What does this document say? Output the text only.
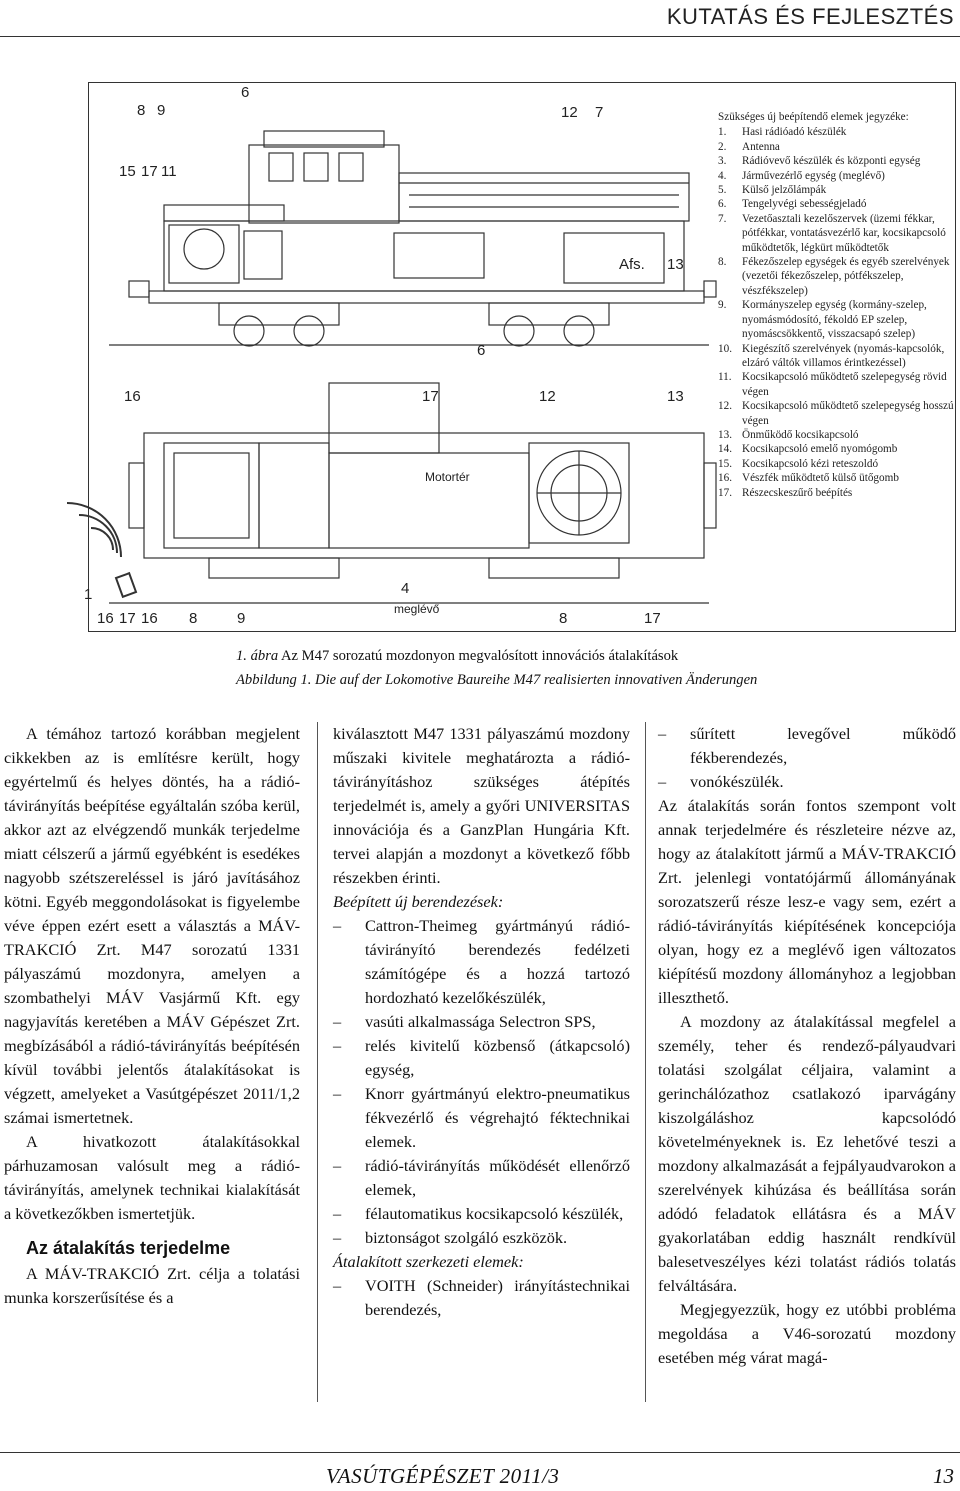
KUTATÁS ÉS FEJLESZTÉS
8 9
6
15 17 11
12 7
13
Afs.
6
16	17	12	13
Motortér
1
16 17 16 8	9
4
meglévő
8	17
Szükséges új beépítendő elemek jegyzéke:
1. Hasi rádióadó készülék
2. Antenna
3. Rádióvevő készülék és központi egység
4. Járművezérlő egység (meglévő)
5. Külső jelzőlámpák
6. Tengelyvégi sebességjeladó
7. Vezetőasztali kezelőszervek (üzemi fékkar, pótfékkar, vontatásvezérlő kar, kocsikapcsoló működtetők, légkürt működtetők
8. Fékezőszelep egységek és egyéb szerelvények (vezetői fékezőszelep, pótfékszelep, vészfékszelep)
9. Kormányszelep egység (kormány-szelep, nyomásmódosító, fékoldó EP szelep, nyomáscsökkentő, visszacsapó szelep)
10. Kiegészítő szerelvények (nyomás-kapcsolók, elzáró váltók villamos érintkezéssel)
11. Kocsikapcsoló működtető szelepegység rövid végen
12. Kocsikapcsoló működtető szelepegység hosszú végen
13. Önműködő kocsikapcsoló
14. Kocsikapcsoló emelő nyomógomb
15. Kocsikapcsoló kézi reteszoldó
16. Vészfék működtető külső ütőgomb
17. Részecskeszűrő beépítés
1. ábra Az M47 sorozatú mozdonyon megvalósított innovációs átalakítások
Abbildung 1. Die auf der Lokomotive Baureihe M47 realisierten innovativen Änderungen

A témához tartozó korábban megjelent cikkekben az is említésre került, hogy egyértelmű és helyes döntés, ha a rádió-távirányítás beépítése egyáltalán szóba kerül, akkor azt az elvégzendő munkák terjedelme miatt célszerű a jármű egyébként is esedékes nagyobb szétszereléssel is járó javításához kötni. Egyéb meggondolásokat is figyelembe véve éppen ezért esett a választás a MÁV-TRAKCIÓ Zrt. M47 sorozatú 1331 pályaszámú mozdonyra, amelyen a szombathelyi MÁV Vasjármű Kft. egy nagyjavítás keretében a MÁV Gépészet Zrt. megbízásából a rádió-távirányítás beépítésén kívül további jelentős átalakításokat is végzett, amelyeket a Vasútgépészet 2011/1,2 számai ismertetnek.

A hivatkozott átalakításokkal párhuzamosan valósult meg a rádió-távirányítás, amelynek technikai kialakítását a következőkben ismertetjük.

Az átalakítás terjedelme

A MÁV-TRAKCIÓ Zrt. célja a tolatási munka korszerűsítése és a

kiválasztott M47 1331 pályaszámú mozdony műszaki kivitele meghatározta a rádió-távirányításhoz szükséges átépítés terjedelmét is, amely a győri UNIVERSITAS innovációja és a GanzPlan Hungária Kft. tervei alapján a mozdonyt a következő főbb részekben érinti.

Beépített új berendezések:

– Cattron-Theimeg gyártmányú rádió-távirányító berendezés fedélzeti számítógépe és a hozzá tartozó hordozható kezelőkészülék,
– vasúti alkalmassága Selectron SPS,
– relés kivitelű közbenső (átkapcsoló) egység,
– Knorr gyártmányú elektro-pneumatikus fékvezérlő és végrehajtó féktechnikai elemek.
– rádió-távirányítás működését ellenőrző elemek,
– félautomatikus kocsikapcsoló készülék,
– biztonságot szolgáló eszközök.

Átalakított szerkezeti elemek:

– VOITH (Schneider) irányítástechnikai berendezés,
– sűrített levegővel működő fékberendezés,
– vonókészülék.

Az átalakítás során fontos szempont volt annak terjedelmére és részleteire nézve az, hogy az átalakított jármű a MÁV-TRAKCIÓ Zrt. jelenlegi vontatójármű állományának sorozatszerű része lesz-e vagy sem, ezért a rádió-távirányítás kiépítésének koncepciója olyan, hogy ez a meglévő igen változatos kiépítésű mozdony állományhoz a legjobban illeszthető.

A mozdony az átalakítással megfelel a személy, teher és rendező-pályaudvari tolatási szolgálat céljaira, valamint a gerinchálózathoz csatlakozó iparvágány kiszolgáláshoz kapcsolódó követelményeknek is. Ez lehetővé teszi a mozdony alkalmazását a fejpályaudvarokon a szerelvények kihúzása és beállítása során adódó feladatok ellátásra és a MÁV gyakorlatában eddig használt rendkívül balesetveszélyes kézi tolatást rádiós tolatás felváltására.

Megjegyezzük, hogy ez utóbbi probléma megoldása a V46-sorozatú mozdony esetében még várat magá-

VASÚTGÉPÉSZET 2011/3	13
